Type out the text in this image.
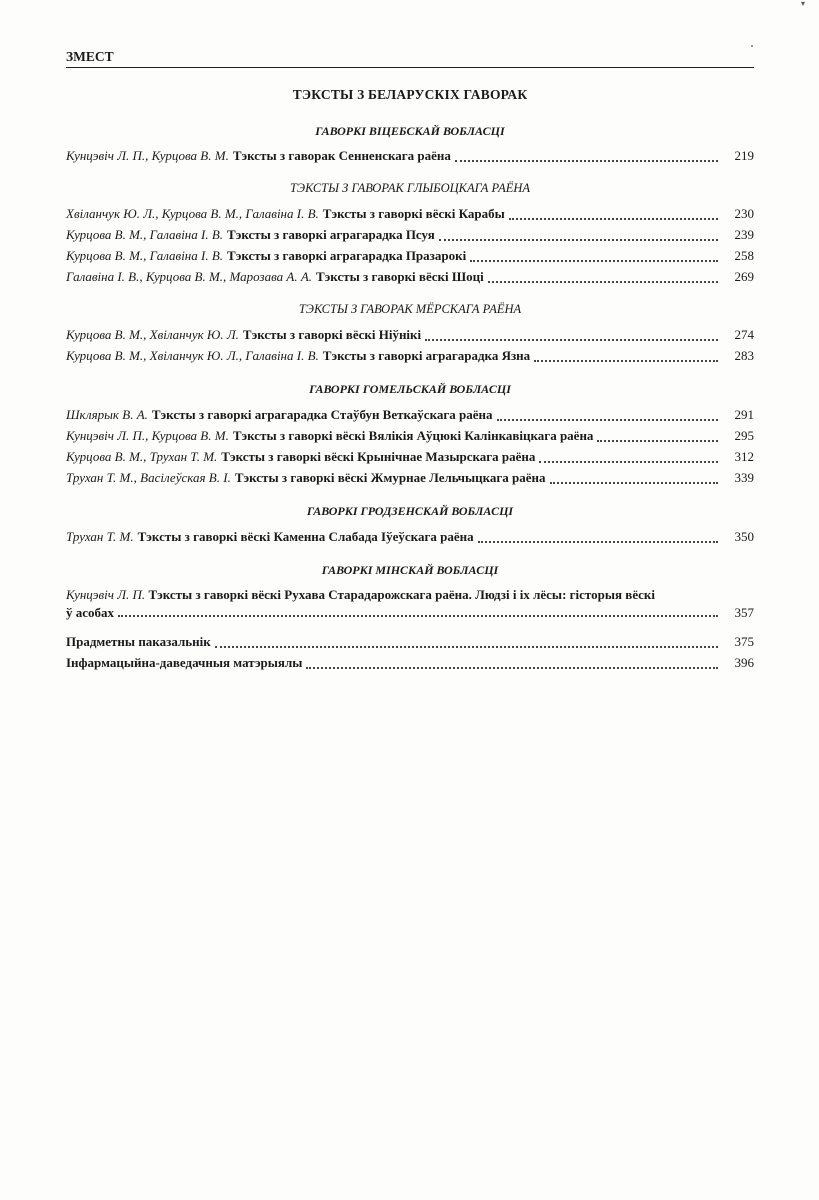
▾
ЗМЕСТ
ТЭКСТЫ З БЕЛАРУСКІХ ГАВОРАК
ГАВОРКІ ВІЦЕБСКАЙ ВОБЛАСЦІ
Кунцэвіч Л. П., Курцова В. М. Тэксты з гаворак Сенненскага раёна	219
ТЭКСТЫ З ГАВОРАК ГЛЫБОЦКАГА РАЁНА
Хвіланчук Ю. Л., Курцова В. М., Галавіна І. В. Тэксты з гаворкі вёскі Карабы	230
Курцова В. М., Галавіна І. В. Тэксты з гаворкі аграгарадка Псуя	239
Курцова В. М., Галавіна І. В. Тэксты з гаворкі аграгарадка Празарокі	258
Галавіна І. В., Курцова В. М., Марозава А. А. Тэксты з гаворкі вёскі Шоці	269
ТЭКСТЫ З ГАВОРАК МЁРСКАГА РАЁНА
Курцова В. М., Хвіланчук Ю. Л. Тэксты з гаворкі вёскі Ніўнікі	274
Курцова В. М., Хвіланчук Ю. Л., Галавіна І. В. Тэксты з гаворкі аграгарадка Язна	283
ГАВОРКІ ГОМЕЛЬСКАЙ ВОБЛАСЦІ
Шклярык В. А. Тэксты з гаворкі аграгарадка Стаўбун Веткаўскага раёна	291
Кунцэвіч Л. П., Курцова В. М. Тэксты з гаворкі вёскі Вялікія Аўцюкі Калінкавіцкага раёна	295
Курцова В. М., Трухан Т. М. Тэксты з гаворкі вёскі Крынічнае Мазырскага раёна	312
Трухан Т. М., Васілеўская В. І. Тэксты з гаворкі вёскі Жмурнае Лельчыцкага раёна	339
ГАВОРКІ ГРОДЗЕНСКАЙ ВОБЛАСЦІ
Трухан Т. М. Тэксты з гаворкі вёскі Каменна Слабада Іўеўскага раёна	350
ГАВОРКІ МІНСКАЙ ВОБЛАСЦІ
Кунцэвіч Л. П. Тэксты з гаворкі вёскі Рухава Старадарожскага раёна. Людзі і іх лёсы: гісторыя вёскі
ў асобах	357
Прадметны паказальнік	375
Інфармацыйна-даведачныя матэрыялы	396
